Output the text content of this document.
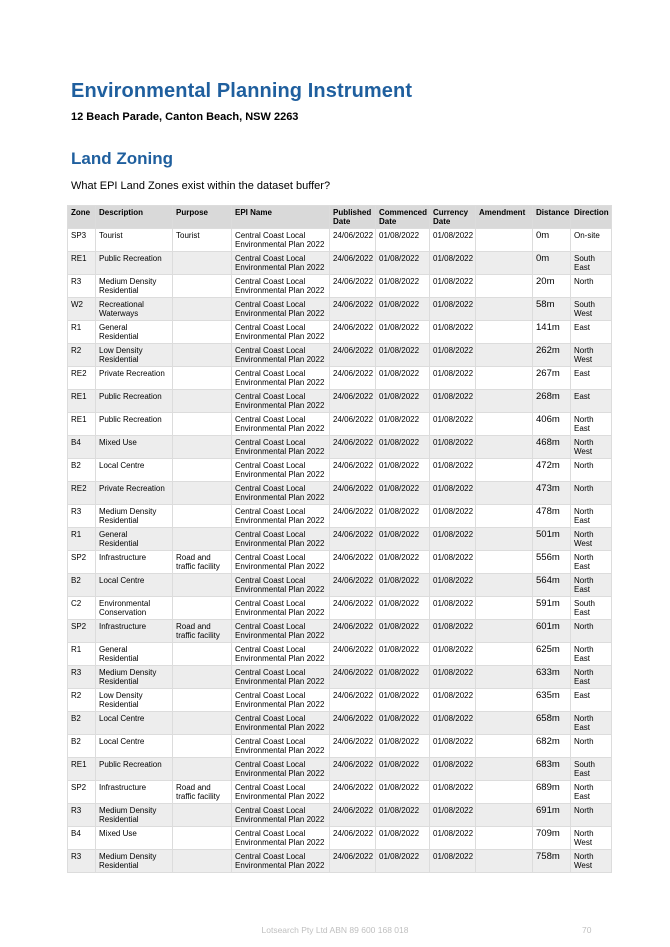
Environmental Planning Instrument

12 Beach Parade, Canton Beach, NSW 2263

Land Zoning

What EPI Land Zones exist within the dataset buffer?

Zone	Description	Purpose	EPI Name	Published Date	Commenced Date	Currency Date	Amendment	Distance	Direction
SP3	Tourist	Tourist	Central Coast Local Environmental Plan 2022	24/06/2022	01/08/2022	01/08/2022		0m	On-site
RE1	Public Recreation		Central Coast Local Environmental Plan 2022	24/06/2022	01/08/2022	01/08/2022		0m	South East
R3	Medium Density Residential		Central Coast Local Environmental Plan 2022	24/06/2022	01/08/2022	01/08/2022		20m	North
W2	Recreational Waterways		Central Coast Local Environmental Plan 2022	24/06/2022	01/08/2022	01/08/2022		58m	South West
R1	General Residential		Central Coast Local Environmental Plan 2022	24/06/2022	01/08/2022	01/08/2022		141m	East
R2	Low Density Residential		Central Coast Local Environmental Plan 2022	24/06/2022	01/08/2022	01/08/2022		262m	North West
RE2	Private Recreation		Central Coast Local Environmental Plan 2022	24/06/2022	01/08/2022	01/08/2022		267m	East
RE1	Public Recreation		Central Coast Local Environmental Plan 2022	24/06/2022	01/08/2022	01/08/2022		268m	East
RE1	Public Recreation		Central Coast Local Environmental Plan 2022	24/06/2022	01/08/2022	01/08/2022		406m	North East
B4	Mixed Use		Central Coast Local Environmental Plan 2022	24/06/2022	01/08/2022	01/08/2022		468m	North West
B2	Local Centre		Central Coast Local Environmental Plan 2022	24/06/2022	01/08/2022	01/08/2022		472m	North
RE2	Private Recreation		Central Coast Local Environmental Plan 2022	24/06/2022	01/08/2022	01/08/2022		473m	North
R3	Medium Density Residential		Central Coast Local Environmental Plan 2022	24/06/2022	01/08/2022	01/08/2022		478m	North East
R1	General Residential		Central Coast Local Environmental Plan 2022	24/06/2022	01/08/2022	01/08/2022		501m	North West
SP2	Infrastructure	Road and traffic facility	Central Coast Local Environmental Plan 2022	24/06/2022	01/08/2022	01/08/2022		556m	North East
B2	Local Centre		Central Coast Local Environmental Plan 2022	24/06/2022	01/08/2022	01/08/2022		564m	North East
C2	Environmental Conservation		Central Coast Local Environmental Plan 2022	24/06/2022	01/08/2022	01/08/2022		591m	South East
SP2	Infrastructure	Road and traffic facility	Central Coast Local Environmental Plan 2022	24/06/2022	01/08/2022	01/08/2022		601m	North
R1	General Residential		Central Coast Local Environmental Plan 2022	24/06/2022	01/08/2022	01/08/2022		625m	North East
R3	Medium Density Residential		Central Coast Local Environmental Plan 2022	24/06/2022	01/08/2022	01/08/2022		633m	North East
R2	Low Density Residential		Central Coast Local Environmental Plan 2022	24/06/2022	01/08/2022	01/08/2022		635m	East
B2	Local Centre		Central Coast Local Environmental Plan 2022	24/06/2022	01/08/2022	01/08/2022		658m	North East
B2	Local Centre		Central Coast Local Environmental Plan 2022	24/06/2022	01/08/2022	01/08/2022		682m	North
RE1	Public Recreation		Central Coast Local Environmental Plan 2022	24/06/2022	01/08/2022	01/08/2022		683m	South East
SP2	Infrastructure	Road and traffic facility	Central Coast Local Environmental Plan 2022	24/06/2022	01/08/2022	01/08/2022		689m	North East
R3	Medium Density Residential		Central Coast Local Environmental Plan 2022	24/06/2022	01/08/2022	01/08/2022		691m	North
B4	Mixed Use		Central Coast Local Environmental Plan 2022	24/06/2022	01/08/2022	01/08/2022		709m	North West
R3	Medium Density Residential		Central Coast Local Environmental Plan 2022	24/06/2022	01/08/2022	01/08/2022		758m	North West
Lotsearch Pty Ltd ABN 89 600 168 018	70
